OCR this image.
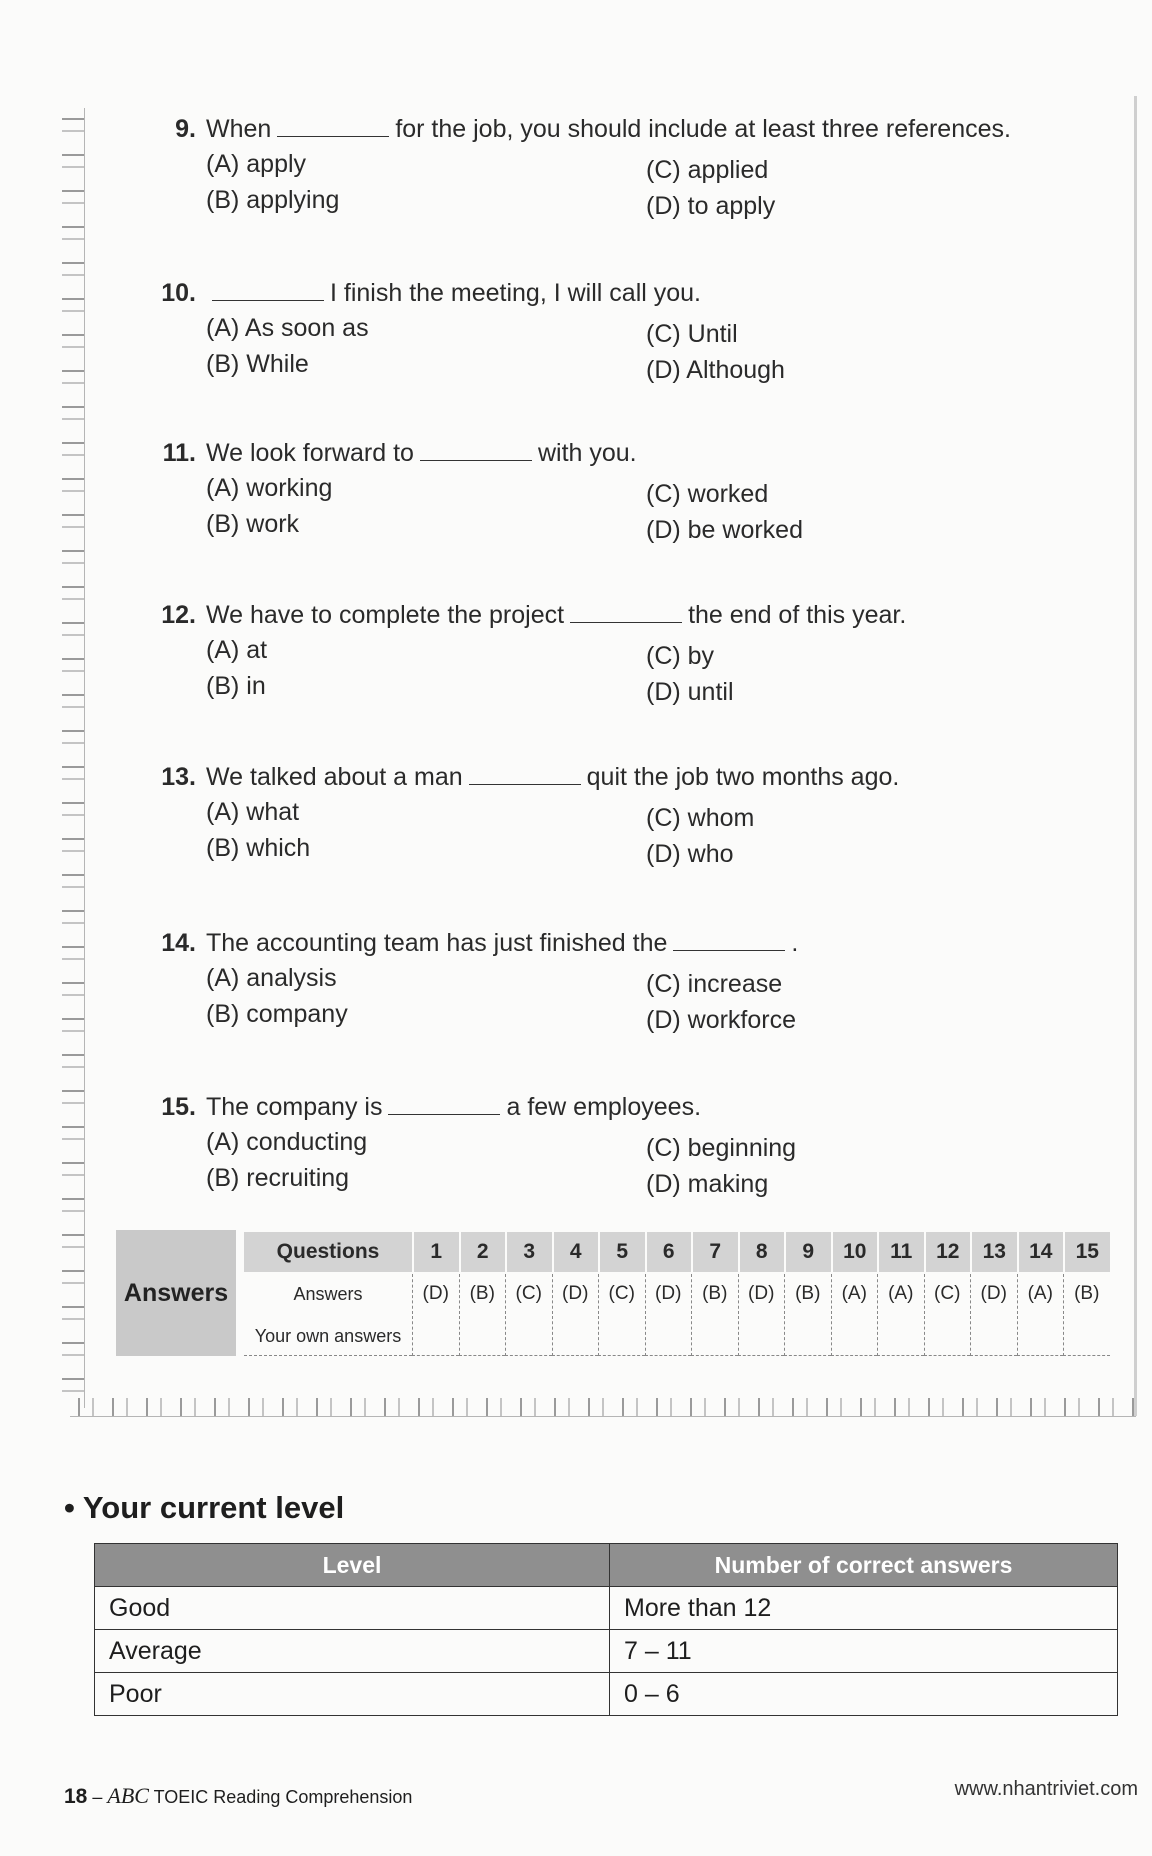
9. When	for the job, you should include at least three references.
(A) apply
(B) applying
(C) applied
(D) to apply
10.	I finish the meeting, I will call you.
(A) As soon as
(B) While
(C) Until
(D) Although
11. We look forward to	with you.
(A) working
(B) work
(C) worked
(D) be worked
12. We have to complete the project	the end of this year.
(A) at
(B) in
(C) by
(D) until
13. We talked about a man	quit the job two months ago.
(A) what
(B) which
(C) whom
(D) who
14. The accounting team has just finished the	.
(A) analysis
(B) company
(C) increase
(D) workforce
15. The company is	a few employees.
(A) conducting
(B) recruiting
(C) beginning
(D) making
Answers
Questions	1	2	3	4	5	6	7	8	9	10	11	12	13	14	15
Answers	(D)	(B)	(C)	(D)	(C)	(D)	(B)	(D)	(B)	(A)	(A)	(C)	(D)	(A)	(B)
Your own answers
• Your current level
Level	Number of correct answers
Good	More than 12
Average	7 – 11
Poor	0 – 6
18 – ABC TOEIC Reading Comprehension	www.nhantriviet.com
